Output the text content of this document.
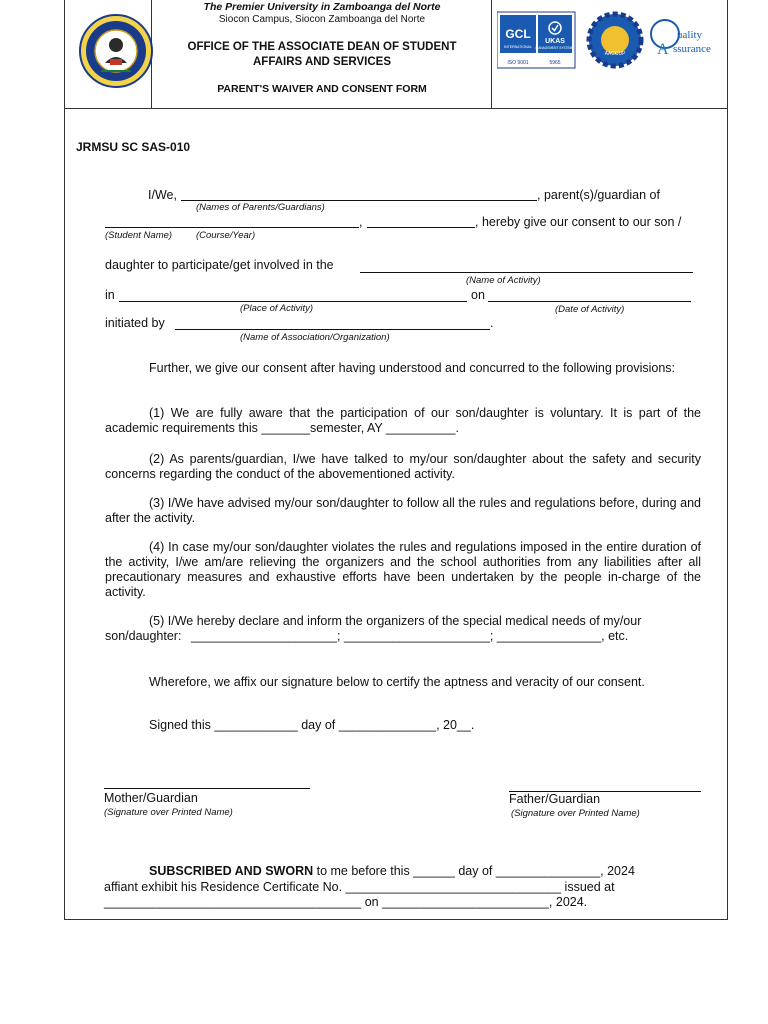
The Premier University in Zamboanga del Norte
Siocon Campus, Siocon Zamboanga del Norte
OFFICE OF THE ASSOCIATE DEAN OF STUDENT
AFFAIRS AND SERVICES
PARENT'S WAIVER AND CONSENT FORM
GCL
INTERNATIONAL
UKAS
MANAGEMENT SYSTEMS
ISO 9001	5965
AACCUP
uality
ssurance
A
JRMSU SC SAS-010
I/We,	, parent(s)/guardian of
(Names of Parents/Guardians)
,	, hereby give our consent to our son /
(Student Name)	(Course/Year)
daughter to participate/get involved in the
(Name of Activity)
in	on
(Place of Activity)	(Date of Activity)
initiated by	.
(Name of Association/Organization)

Further, we give our consent after having understood and concurred to the following provisions:

(1) We are fully aware that the participation of our son/daughter is voluntary. It is part of the academic requirements this _______semester, AY __________.

(2) As parents/guardian, I/we have talked to my/our son/daughter about the safety and security concerns regarding the conduct of the abovementioned activity.

(3) I/We have advised my/our son/daughter to follow all the rules and regulations before, during and after the activity.

(4) In case my/our son/daughter violates the rules and regulations imposed in the entire duration of the activity, I/we am/are relieving the organizers and the school authorities from any liabilities after all precautionary measures and exhaustive efforts have been undertaken by the people in-charge of the activity.

(5) I/We hereby declare and inform the organizers of the special medical needs of my/our
son/daughter: _____________________; _____________________; _______________, etc.
Wherefore, we affix our signature below to certify the aptness and veracity of our consent.
Signed this ____________ day of ______________, 20__.
Mother/Guardian
(Signature over Printed Name)
Father/Guardian
(Signature over Printed Name)
SUBSCRIBED AND SWORN to me before this ______ day of _______________, 2024
affiant exhibit his Residence Certificate No. _______________________________ issued at
_____________________________________ on ________________________, 2024.
